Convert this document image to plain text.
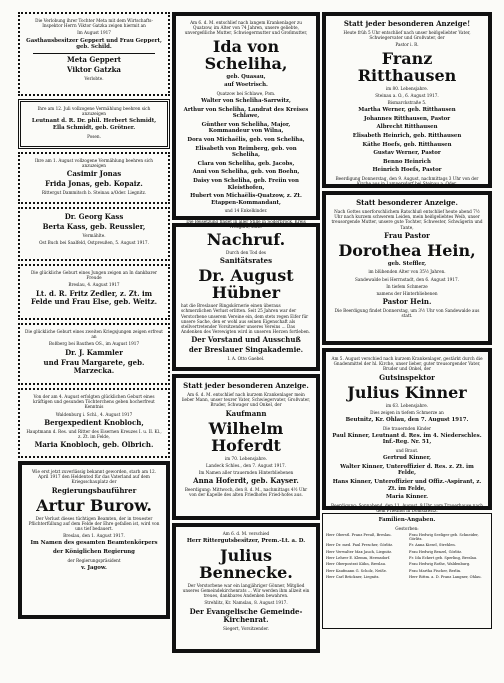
Die Verlobung ihrer Tochter Meta mit dem Wirtschafts-Inspektor Herrn Viktor Gatzka zeigen hiermit an

Im August 1917

Gasthausbesitzer Geppert und Frau Geppert, geb. Schild.

Meta Geppert

Viktor Gatzka

Verlobte.

Ihre am 12. Juli vollzogene Vermählung beehren sich anzuzeigen

Leutnant d. R. Dr. phil. Herbert Schmidt, Ella Schmidt, geb. Grötner.

Posen.

Ihre am 1. August vollzogene Vermählung beehren sich anzuzeigen

Casimir Jonas

Frida Jonas, geb. Kopaiz.

Rittergut Dammitsch b. Steinau a/Oder. Liegnitz.

Dr. Georg Kass

Berta Kass, geb. Reussler,

Vermählte.

Ost Buch bei Saalfeld, Ostpreußen, 5. August 1917.

Die glückliche Geburt eines Jungen zeigen an In dankbarer Freude

Breslau, 4. August 1917

Lt. d. R. Fritz Zedler, z. Zt. im Felde und Frau Else, geb. Weitz.

Die glückliche Geburt eines zweiten Kriegsjungen zeigen erfreut an

Boßberg bei Bauthen OS., im August 1917

Dr. J. Kammler

und Frau Margarete, geb. Marzecka.

Von der am 4. August erfolgten glücklichen Geburt eines kräftigen und gesunden Töchterchens geben hocherfreut Kenntnis

Waldenburg i. Schl., 4. August 1917

Bergexpedient Knobloch,

Hauptmann d. Res. und Ritter des Eisernen Kreuzes I. u. II. Kl., z. Zt. im Felde,

Maria Knobloch, geb. Olbrich.

Wie erst jetzt zuverlässig bekannt geworden, starb am 12. April 1917 den Heldentod für das Vaterland auf dem Kriegsschauplatz der

Regierungsbauführer

Artur Burow.

Der Verlust dieses tüchtigen Beamten, der in treuester Pflichterfüllung auf dem Felde der Ehre gefallen ist, wird von uns tief bedauert.

Breslau, den 1. August 1917.

Im Namen des gesamten Beamtenkörpers

der Königlichen Regierung

der Regierungspräsident

v. Jagow.

Am 6. d. M. entschlief nach langem Krankenlager zu Quatzow, im Alter von 74 Jahren, unsere geliebte, unvergeßliche Mutter, Schwiegermutter und Großmutter,

Ida von Scheliha,

geb. Quasau,

auf Woetrisch.

Quatzow bei Schlawe, Pom.

Walter von Schelihа-Sarrwitz,

Arthur von Schelihа, Landrat des Kreises Schlawe,

Günther von Schelihа, Major, Kommandeur von Wilna,

Dora von Michaëlis, geb. von Schelihа,

Elisabeth von Reimberg, geb. von Schelihа,

Clara von Schelihа, geb. Jacobs,

Anni von Schelihа, geb. von Boehn,

Daisy von Schelihа, geb. Freiin von Kleisthofen,

Hubert von Michaëlis-Quatzow, z. Zt. Etappen-Kommandant,

und 14 Enkelkinder.

Die Beisetzung findet in aller Stille in Soderbrock, Kreis Neugard, statt.

Nachruf.

Durch den Tod des

Sanitätsrates

Dr. August Hübner

hat die Breslauer Ringskörnerie einen überaus schmerzlichen Verlust erlitten. Seit 25 Jahren war der Verstorbene unserem Vereine ein, dem stets regen Eifer für unsere Sache, den er wohl aus seinen Eigenschaft als stellvertretender Vorsitzender unseres Vereins ... Das Andenken des Verewigten wird in unseren Herzen fortleben.

Der Vorstand und Ausschuß

der Breslauer Singakademie.

I. A. Otto Gaebel.

Statt jeder besonderen Anzeige.

Am 6. d. M. entschlief nach kurzem Krankenlager mein lieber Mann, unser teurer Vater, Schwiegervater, Großvater, Bruder, Schwager und Onkel, der

Kaufmann

Wilhelm Hoferdt

im 70. Lebensjahre.

Landeck Schles., den 7. August 1917.

Im Namen aller trauernden Hinterbliebenen

Anna Hoferdt, geb. Kayser.

Beerdigung: Mittwoch, den 8. d. M., nachmittags 4½ Uhr von der Kapelle des alten Friedhofes Fried-hofes aus.

Am 6. d. M. verschied

Herr Rittergutsbesitzer, Prem.-Lt. a. D.

Julius Bennecke.

Der Verstorbene war ein langjähriger Gönner, Mitglied unseres Gemeindekirchenrats ... Wir werden ihm allzeit ein treues, dankbares Andenken bewahren.

Strehlitz, Kr. Namslau, 8. August 1917.

Der Evangelische Gemeinde-Kirchenrat.

Siegert, Vorsitzender.

Statt jeder besonderen Anzeige!

Heute früh 5 Uhr entschlief nach unser heißgeliebter Vater, Schwiegervater und Großvater, der

Pastor i. R.

Franz Ritthausen

im 80. Lebensjahre.

Steinau a. O., 6. August 1917.

Bismarckstraße 5.

Martha Werner, geb. Ritthausen

Johannes Ritthausen, Pastor

Albrecht Ritthausen

Elisabeth Heinrich, geb. Ritthausen

Käthe Hoefs, geb. Ritthausen

Gustav Werner, Pastor

Benno Heinrich

Heinrich Hoefs, Pastor

Beerdigung Donnerstag, den 9. August, nachmittags 3 Uhr von der Kirche aus in Lampersdorf bei Steinau a. Oder.

Statt besonderer Anzeige.

Nach Gottes unerforschlichem Ratschluß entschlief heute abend 7½ Uhr nach kurzem schwerem Leiden, mein heißgeliebtes Weib, unser treusorgende Mutter, unsere gute Tochter, Schwester, Schwägerin und Tante,

Frau Pastor

Dorothea Hein,

geb. Steffler,

im blühenden Alter von 35½ Jahren.

Sandewalde bei Herrnstadt, den 6. August 1917.

In tiefem Schmerze

namens der Hinterbliebenen

Pastor Hein.

Die Beerdigung findet Donnerstag, um 3½ Uhr von Sandewalde aus statt.

Am 5. August verschied nach kurzem Krankenlager, gestärkt durch die Gnadenmittel der hl. Kirche, unser lieber, guter treusorgender Vater, Bruder und Onkel, der

Gutsinspektor

Julius Kinner

im 63. Lebensjahre.

Dies zeigen in tiefem Schmerze an

Beutnitz, Kr. Ohlau, den 7. August 1917.

Die trauernden Kinder

Paul Kinner, Leutnant d. Res. im 4. Niederschles. Inf.-Reg. Nr. 51,

und Braut.

Gertrud Kinner,

Walter Kinner, Unteroffizier d. Res. z. Zt. im Felde,

Hans Kinner, Unteroffizier und Offiz.-Aspirant, z. Zt. im Felde,

Maria Kinner.

Beerdigung: Sonnabend, den 11. August, 9 Uhr, vom Trauerhause nach dem Friedhof in Domslawitz.

Familien-Angaben.

Gestorben:

Herr Oberstl. Franz Preuß, Breslau.	Frau Hedwig Seeliger geb. Schneider, Görlitz.
Herr Dr. med. Paul Prescher, Görlitz.	Fr. Anna Kiesel, Strehlen.
Herr Verwalter Max Jauch, Liegnitz.	Frau Hedwig Benzel, Görlitz.
Herr Lehrer E. Klemm, Hermsdorf.	Fr. Ida Eckert geb. Sperling, Breslau.
Herr Oberpostrat Kühn, Breslau.	Frau Hedwig Rothe, Waldenburg.
Herr Kaufmann G. Scholz, Neiße.	Frau Martha Fischer, Berlin.
Herr Carl Brückner, Liegnitz.	Herr Rittm. a. D. Franz Langner, Ohlau.
